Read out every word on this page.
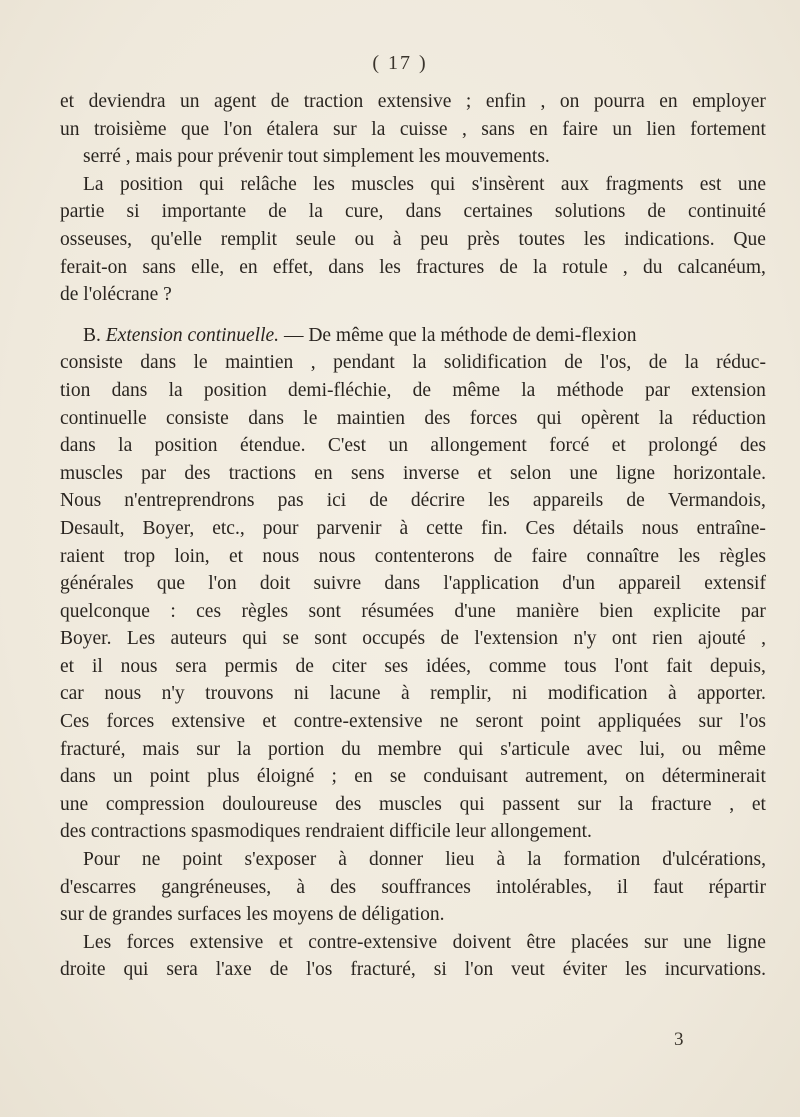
( 17 )
et deviendra un agent de traction extensive ; enfin , on pourra en employer
un troisième que l'on étalera sur la cuisse , sans en faire un lien fortement
serré , mais pour prévenir tout simplement les mouvements.
La position qui relâche les muscles qui s'insèrent aux fragments est une
partie si importante de la cure, dans certaines solutions de continuité
osseuses, qu'elle remplit seule ou à peu près toutes les indications. Que
ferait-on sans elle, en effet, dans les fractures de la rotule , du calcanéum,
de l'olécrane ?
B.
Extension continuelle.
— De même que la méthode de demi-flexion
consiste dans le maintien , pendant la solidification de l'os, de la réduc-
tion dans la position demi-fléchie, de même la méthode par extension
continuelle consiste dans le maintien des forces qui opèrent la réduction
dans la position étendue. C'est un allongement forcé et prolongé des
muscles par des tractions en sens inverse et selon une ligne horizontale.
Nous n'entreprendrons pas ici de décrire les appareils de Vermandois,
Desault, Boyer, etc., pour parvenir à cette fin. Ces détails nous entraîne-
raient trop loin, et nous nous contenterons de faire connaître les règles
générales que l'on doit suivre dans l'application d'un appareil extensif
quelconque : ces règles sont résumées d'une manière bien explicite par
Boyer. Les auteurs qui se sont occupés de l'extension n'y ont rien ajouté ,
et il nous sera permis de citer ses idées, comme tous l'ont fait depuis,
car nous n'y trouvons ni lacune à remplir, ni modification à apporter.
Ces forces extensive et contre-extensive ne seront point appliquées sur l'os
fracturé, mais sur la portion du membre qui s'articule avec lui, ou même
dans un point plus éloigné ; en se conduisant autrement, on déterminerait
une compression douloureuse des muscles qui passent sur la fracture , et
des contractions spasmodiques rendraient difficile leur allongement.
Pour ne point s'exposer à donner lieu à la formation d'ulcérations,
d'escarres gangréneuses, à des souffrances intolérables, il faut répartir
sur de grandes surfaces les moyens de déligation.
Les forces extensive et contre-extensive doivent être placées sur une ligne
droite qui sera l'axe de l'os fracturé, si l'on veut éviter les incurvations.
3
